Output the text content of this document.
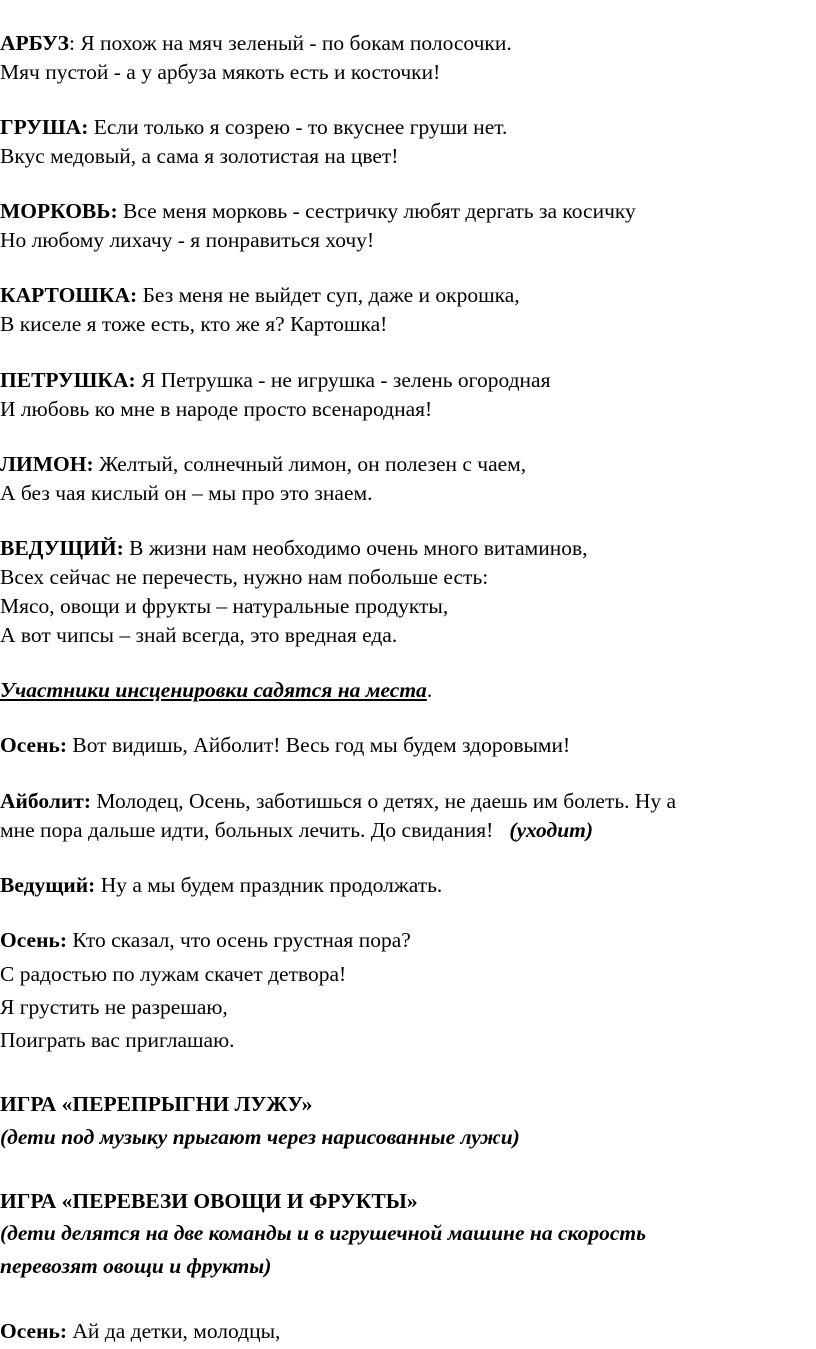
АРБУЗ: Я похож на мяч зеленый - по бокам полосочки.
Мяч пустой - а у арбуза мякоть есть и косточки!
ГРУША: Если только я созрею - то вкуснее груши нет.
Вкус медовый, а сама я золотистая на цвет!
МОРКОВЬ: Все меня морковь - сестричку любят дергать за косичку
Но любому лихачу - я понравиться хочу!
КАРТОШКА: Без меня не выйдет суп, даже и окрошка,
В киселе я тоже есть, кто же я? Картошка!
ПЕТРУШКА: Я Петрушка - не игрушка - зелень огородная
И любовь ко мне в народе просто всенародная!
ЛИМОН: Желтый, солнечный лимон, он полезен с чаем,
А без чая кислый он – мы про это знаем.
ВЕДУЩИЙ: В жизни нам необходимо очень много витаминов,
Всех сейчас не перечесть, нужно нам побольше есть:
Мясо, овощи и фрукты – натуральные продукты,
А вот чипсы – знай всегда, это вредная еда.
Участники инсценировки садятся на места.
Осень: Вот видишь, Айболит! Весь год мы будем здоровыми!
Айболит: Молодец, Осень, заботишься о детях, не даешь им болеть. Ну а
мне пора дальше идти, больных лечить. До свидания!   (уходит)
Ведущий: Ну а мы будем праздник продолжать.
Осень: Кто сказал, что осень грустная пора?
С радостью по лужам скачет детвора!
Я грустить не разрешаю,
Поиграть вас приглашаю.
ИГРА «ПЕРЕПРЫГНИ ЛУЖУ»
(дети под музыку прыгают через нарисованные лужи)
ИГРА «ПЕРЕВЕЗИ ОВОЩИ И ФРУКТЫ»
(дети делятся на две команды и в игрушечной машине на скорость
перевозят овощи и фрукты)
Осень: Ай да детки, молодцы,
